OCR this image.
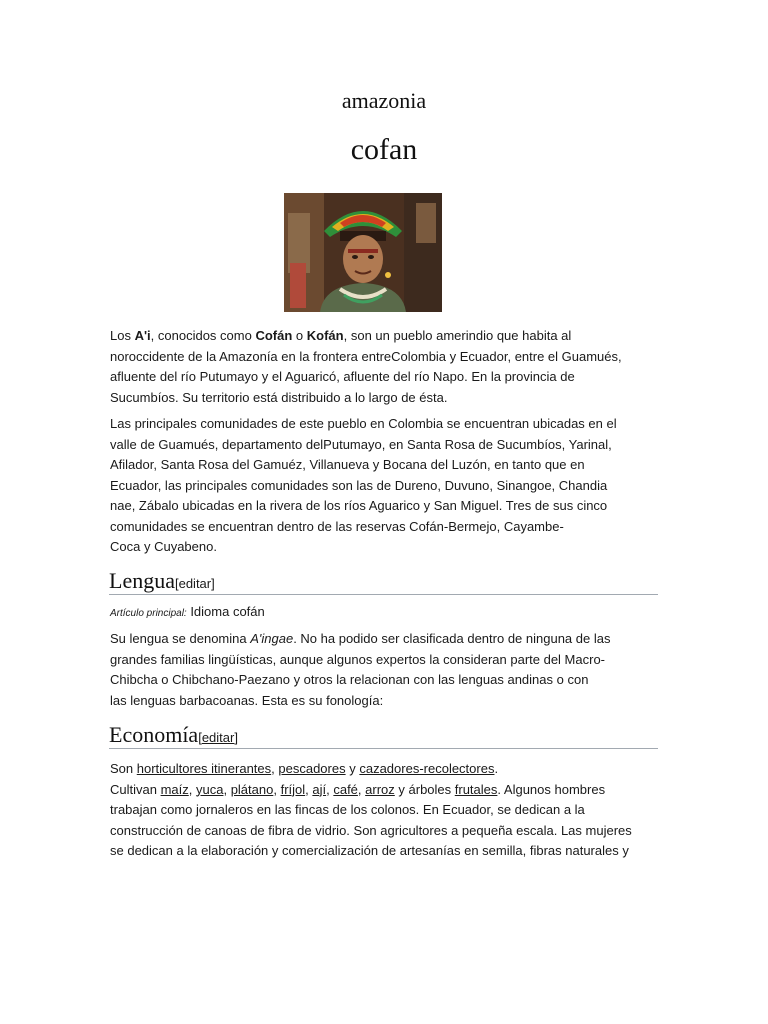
amazonia
cofan
Los A'i, conocidos como Cofán o Kofán, son un pueblo amerindio que habita al
noroccidente de la Amazonía en la frontera entreColombia y Ecuador, entre el Guamués,
afluente del río Putumayo y el Aguaricó, afluente del río Napo. En la provincia de
Sucumbíos. Su territorio está distribuido a lo largo de ésta.
Las principales comunidades de este pueblo en Colombia se encuentran ubicadas en el
valle de Guamués, departamento delPutumayo, en Santa Rosa de Sucumbíos, Yarinal,
Afilador, Santa Rosa del Gamuéz, Villanueva y Bocana del Luzón, en tanto que en
Ecuador, las principales comunidades son las de Dureno, Duvuno, Sinangoe, Chandia
nae, Zábalo ubicadas en la rivera de los ríos Aguarico y San Miguel. Tres de sus cinco
comunidades se encuentran dentro de las reservas Cofán-Bermejo, Cayambe-
Coca y Cuyabeno.
Lengua[editar]
Artículo principal: Idioma cofán
Su lengua se denomina A'ingae. No ha podido ser clasificada dentro de ninguna de las
grandes familias lingüísticas, aunque algunos expertos la consideran parte del Macro-
Chibcha o Chibchano-Paezano y otros la relacionan con las lenguas andinas o con
las lenguas barbacoanas. Esta es su fonología:
Economía[editar]
Son horticultores itinerantes, pescadores y cazadores-recolectores.
Cultivan maíz, yuca, plátano, fríjol, ají, café, arroz y árboles frutales. Algunos hombres
trabajan como jornaleros en las fincas de los colonos. En Ecuador, se dedican a la
construcción de canoas de fibra de vidrio. Son agricultores a pequeña escala. Las mujeres
se dedican a la elaboración y comercialización de artesanías en semilla, fibras naturales y
